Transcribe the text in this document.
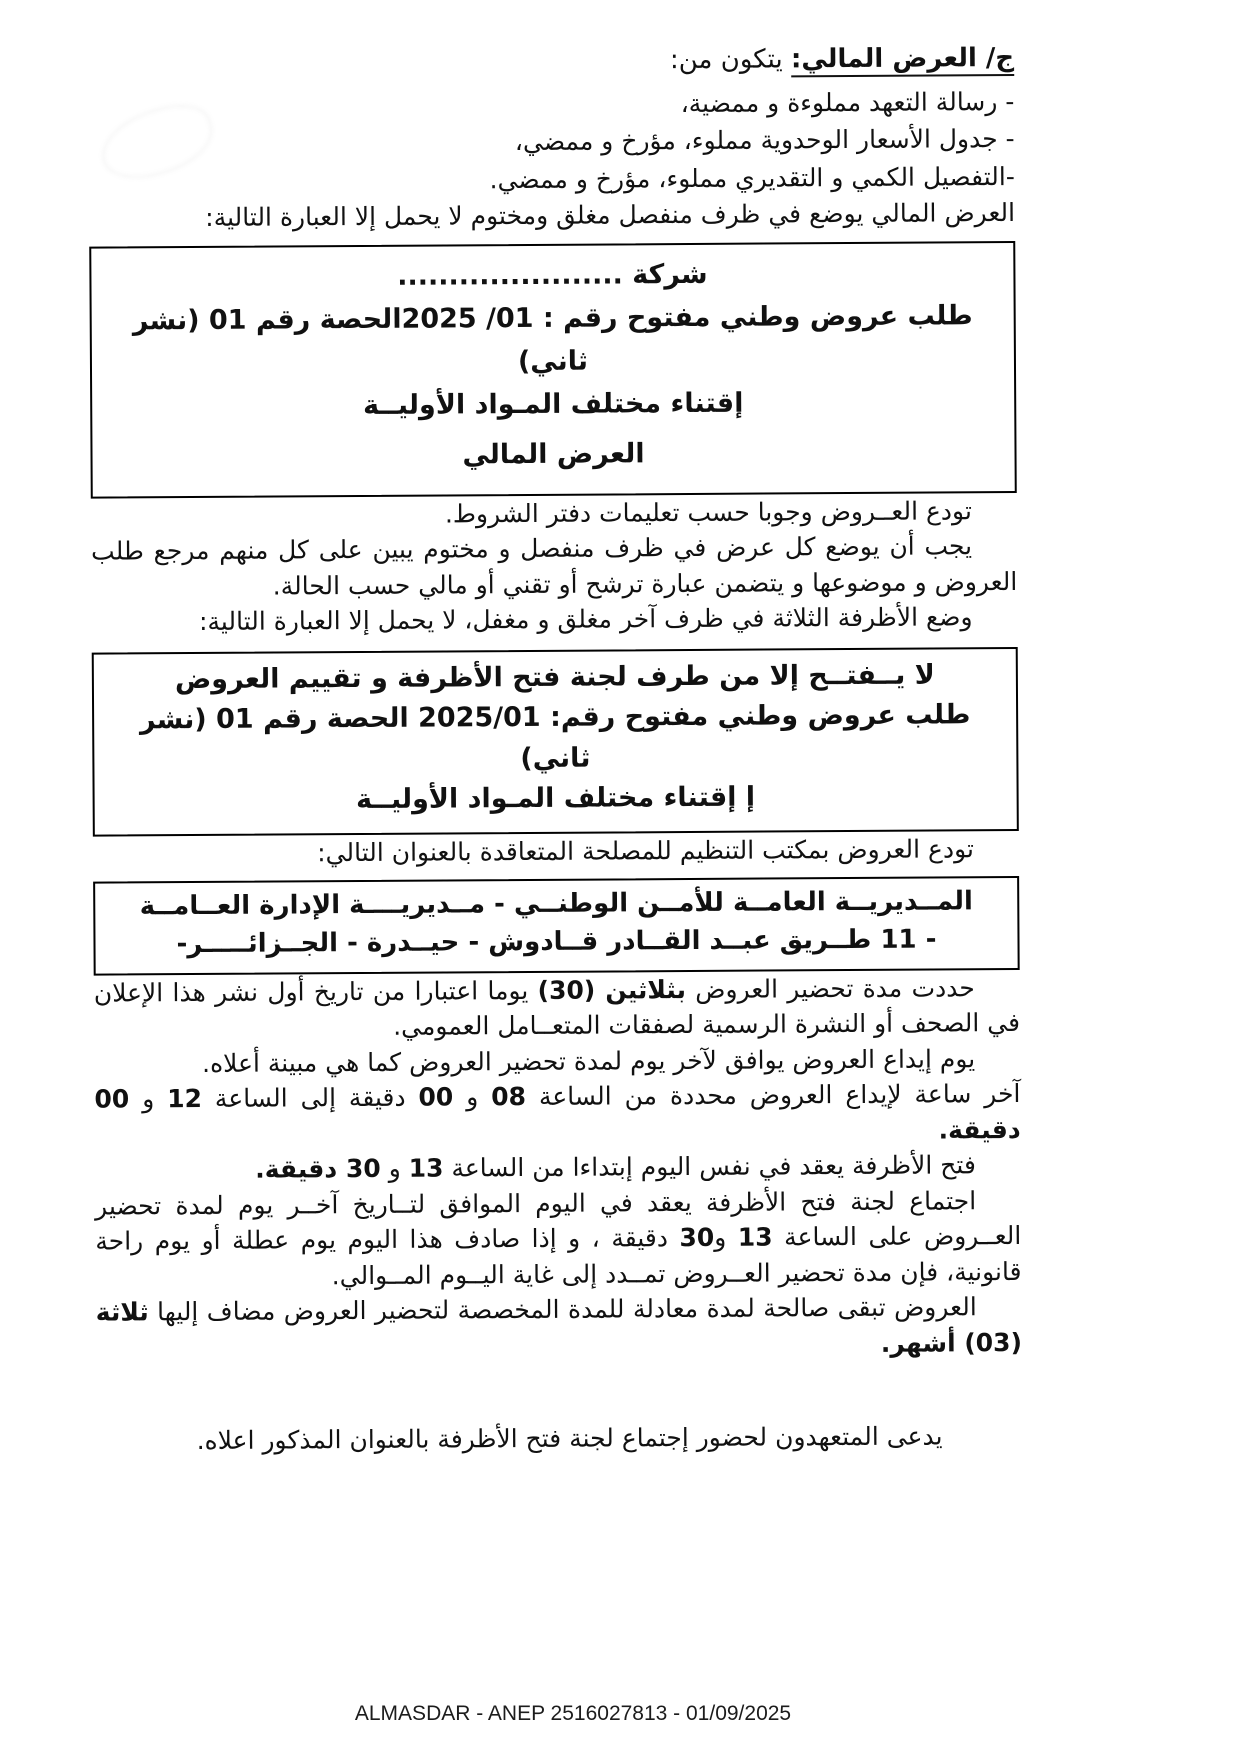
ج/ العرض المالي: يتكون من:

- رسالة التعهد مملوءة و ممضية،

- جدول الأسعار الوحدوية مملوء، مؤرخ و ممضي،

-التفصيل الكمي و التقديري مملوء، مؤرخ و ممضي.

العرض المالي يوضع في ظرف منفصل مغلق ومختوم لا يحمل إلا العبارة التالية:

شركة ......................

طلب عروض وطني مفتوح رقم : 01/ 2025الحصة رقم 01 (نشر ثاني)

إقتناء مختلف المـواد الأوليــة

العرض المالي

تودع العــروض وجوبا حسب تعليمات دفتر الشروط.

يجب أن يوضع كل عرض في ظرف منفصل و مختوم يبين على كل منهم مرجع طلب العروض و موضوعها و يتضمن عبارة ترشح أو تقني أو مالي حسب الحالة.

وضع الأظرفة الثلاثة في ظرف آخر مغلق و مغفل، لا يحمل إلا العبارة التالية:

لا يــفتــح إلا من طرف لجنة فتح الأظرفة و تقييم العروض

طلب عروض وطني مفتوح رقم: 2025/01 الحصة رقم 01 (نشر ثاني)

إ إقتناء مختلف المـواد الأوليــة

تودع العروض بمكتب التنظيم للمصلحة المتعاقدة بالعنوان التالي:

المــديريــة العامــة للأمــن الوطنــي - مــديريــــة الإدارة العــامــة

- 11 طــريق عبــد القــادر قــادوش - حيــدرة - الجــزائـــــر-

حددت مدة تحضير العروض بثلاثين (30) يوما اعتبارا من تاريخ أول نشر هذا الإعلان في الصحف أو النشرة الرسمية لصفقات المتعــامل العمومي.

يوم إيداع العروض يوافق لآخر يوم لمدة تحضير العروض كما هي مبينة أعلاه.

آخر ساعة لإيداع العروض محددة من الساعة 08 و 00 دقيقة إلى الساعة 12 و 00 دقيقة.

فتح الأظرفة يعقد في نفس اليوم إبتداءا من الساعة 13 و 30 دقيقة.

اجتماع لجنة فتح الأظرفة يعقد في اليوم الموافق لتــاريخ آخــر يوم لمدة تحضير العــروض على الساعة 13 و30 دقيقة ، و إذا صادف هذا اليوم يوم عطلة أو يوم راحة قانونية، فإن مدة تحضير العــروض تمــدد إلى غاية اليــوم المــوالي.

العروض تبقى صالحة لمدة معادلة للمدة المخصصة لتحضير العروض مضاف إليها ثلاثة (03) أشهر.

يدعى المتعهدون لحضور إجتماع لجنة فتح الأظرفة بالعنوان المذكور اعلاه.

ALMASDAR - ANEP 2516027813 - 01/09/2025
